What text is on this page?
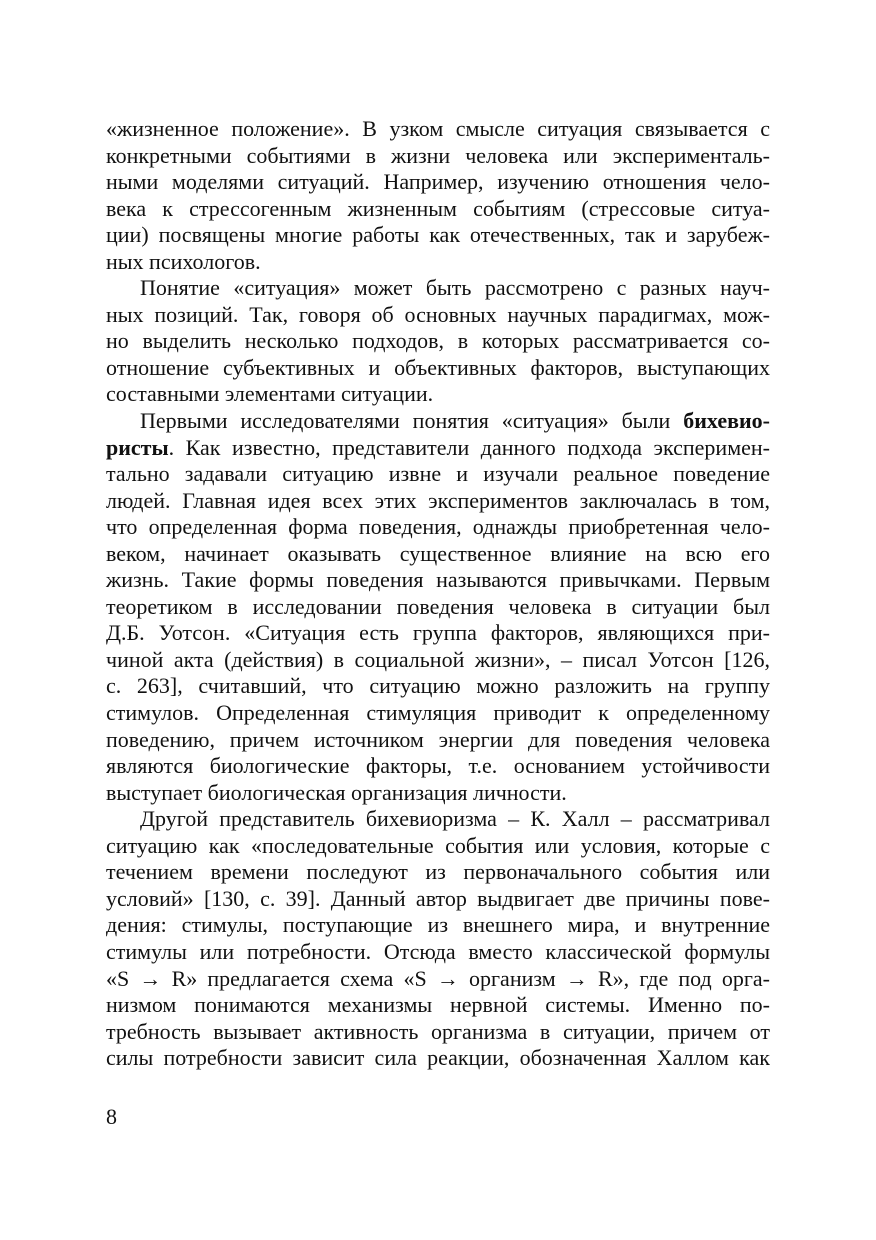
«жизненное положение». В узком смысле ситуация связывается с
конкретными событиями в жизни человека или эксперименталь-
ными моделями ситуаций. Например, изучению отношения чело-
века к стрессогенным жизненным событиям (стрессовые ситуа-
ции) посвящены многие работы как отечественных, так и зарубеж-
ных психологов.
Понятие «ситуация» может быть рассмотрено с разных науч-
ных позиций. Так, говоря об основных научных парадигмах, мож-
но выделить несколько подходов, в которых рассматривается со-
отношение субъективных и объективных факторов, выступающих
составными элементами ситуации.
Первыми исследователями понятия «ситуация» были бихевио-
ристы. Как известно, представители данного подхода эксперимен-
тально задавали ситуацию извне и изучали реальное поведение
людей. Главная идея всех этих экспериментов заключалась в том,
что определенная форма поведения, однажды приобретенная чело-
веком, начинает оказывать существенное влияние на всю его
жизнь. Такие формы поведения называются привычками. Первым
теоретиком в исследовании поведения человека в ситуации был
Д.Б. Уотсон. «Ситуация есть группа факторов, являющихся при-
чиной акта (действия) в социальной жизни», – писал Уотсон [126,
с. 263], считавший, что ситуацию можно разложить на группу
стимулов. Определенная стимуляция приводит к определенному
поведению, причем источником энергии для поведения человека
являются биологические факторы, т.е. основанием устойчивости
выступает биологическая организация личности.
Другой представитель бихевиоризма – К. Халл – рассматривал
ситуацию как «последовательные события или условия, которые с
течением времени последуют из первоначального события или
условий» [130, с. 39]. Данный автор выдвигает две причины пове-
дения: стимулы, поступающие из внешнего мира, и внутренние
стимулы или потребности. Отсюда вместо классической формулы
«S → R» предлагается схема «S → организм → R», где под орга-
низмом понимаются механизмы нервной системы. Именно по-
требность вызывает активность организма в ситуации, причем от
силы потребности зависит сила реакции, обозначенная Халлом как
8
